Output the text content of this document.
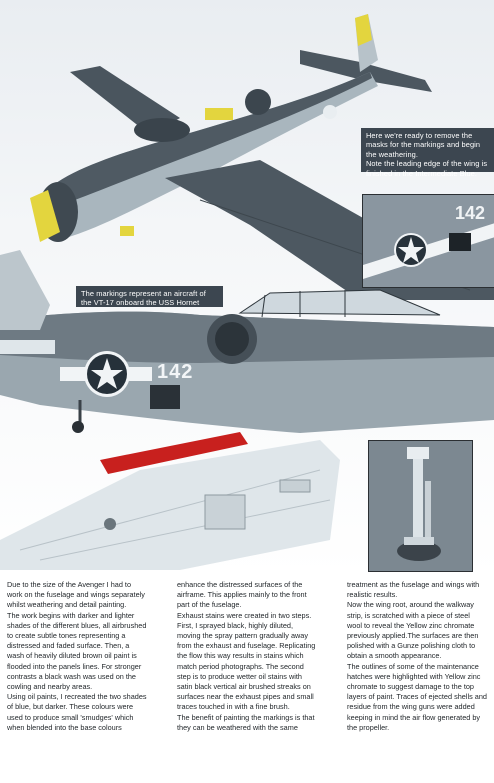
142
142
Here we're ready to remove the
masks for the markings and begin
the weathering.
Note the leading edge of the wing is
finished in the Intermediate Blue.
The markings represent an aircraft of
the VT-17 onboard the USS Hornet

Due to the size of the Avenger I had to

work on the fuselage and wings separately

whilst weathering and detail painting.

The work begins with darker and lighter

shades of the different blues, all airbrushed

to create subtle tones representing a

distressed and faded surface. Then, a

wash of heavily diluted brown oil paint is

flooded into the panels lines. For stronger

contrasts a black wash was used on the

cowling and nearby areas.

Using oil paints, I recreated the two shades

of blue, but darker. These colours were

used to produce small 'smudges' which

when blended into the base colours

enhance the distressed surfaces of the

airframe. This applies mainly to the front

part of the fuselage.

Exhaust stains were created in two steps.

First, I sprayed black, highly diluted,

moving the spray pattern gradually away

from the exhaust and fuselage. Replicating

the flow this way results in stains which

match period photographs. The second

step is to produce wetter oil stains with

satin black vertical air brushed streaks on

surfaces near the exhaust pipes and small

traces touched in with a fine brush.

The benefit of painting the markings is that

they can be weathered with the same

treatment as the fuselage and wings with

realistic results.

Now the wing root, around the walkway

strip, is scratched with a piece of steel

wool to reveal the Yellow zinc chromate

previously applied.The surfaces are then

polished with a Gunze polishing cloth to

obtain a smooth appearance.

The outlines of some of the maintenance

hatches were highlighted with Yellow zinc

chromate to suggest damage to the top

layers of paint. Traces of ejected shells and

residue from the wing guns were added

keeping in mind the air flow generated by

the propeller.
